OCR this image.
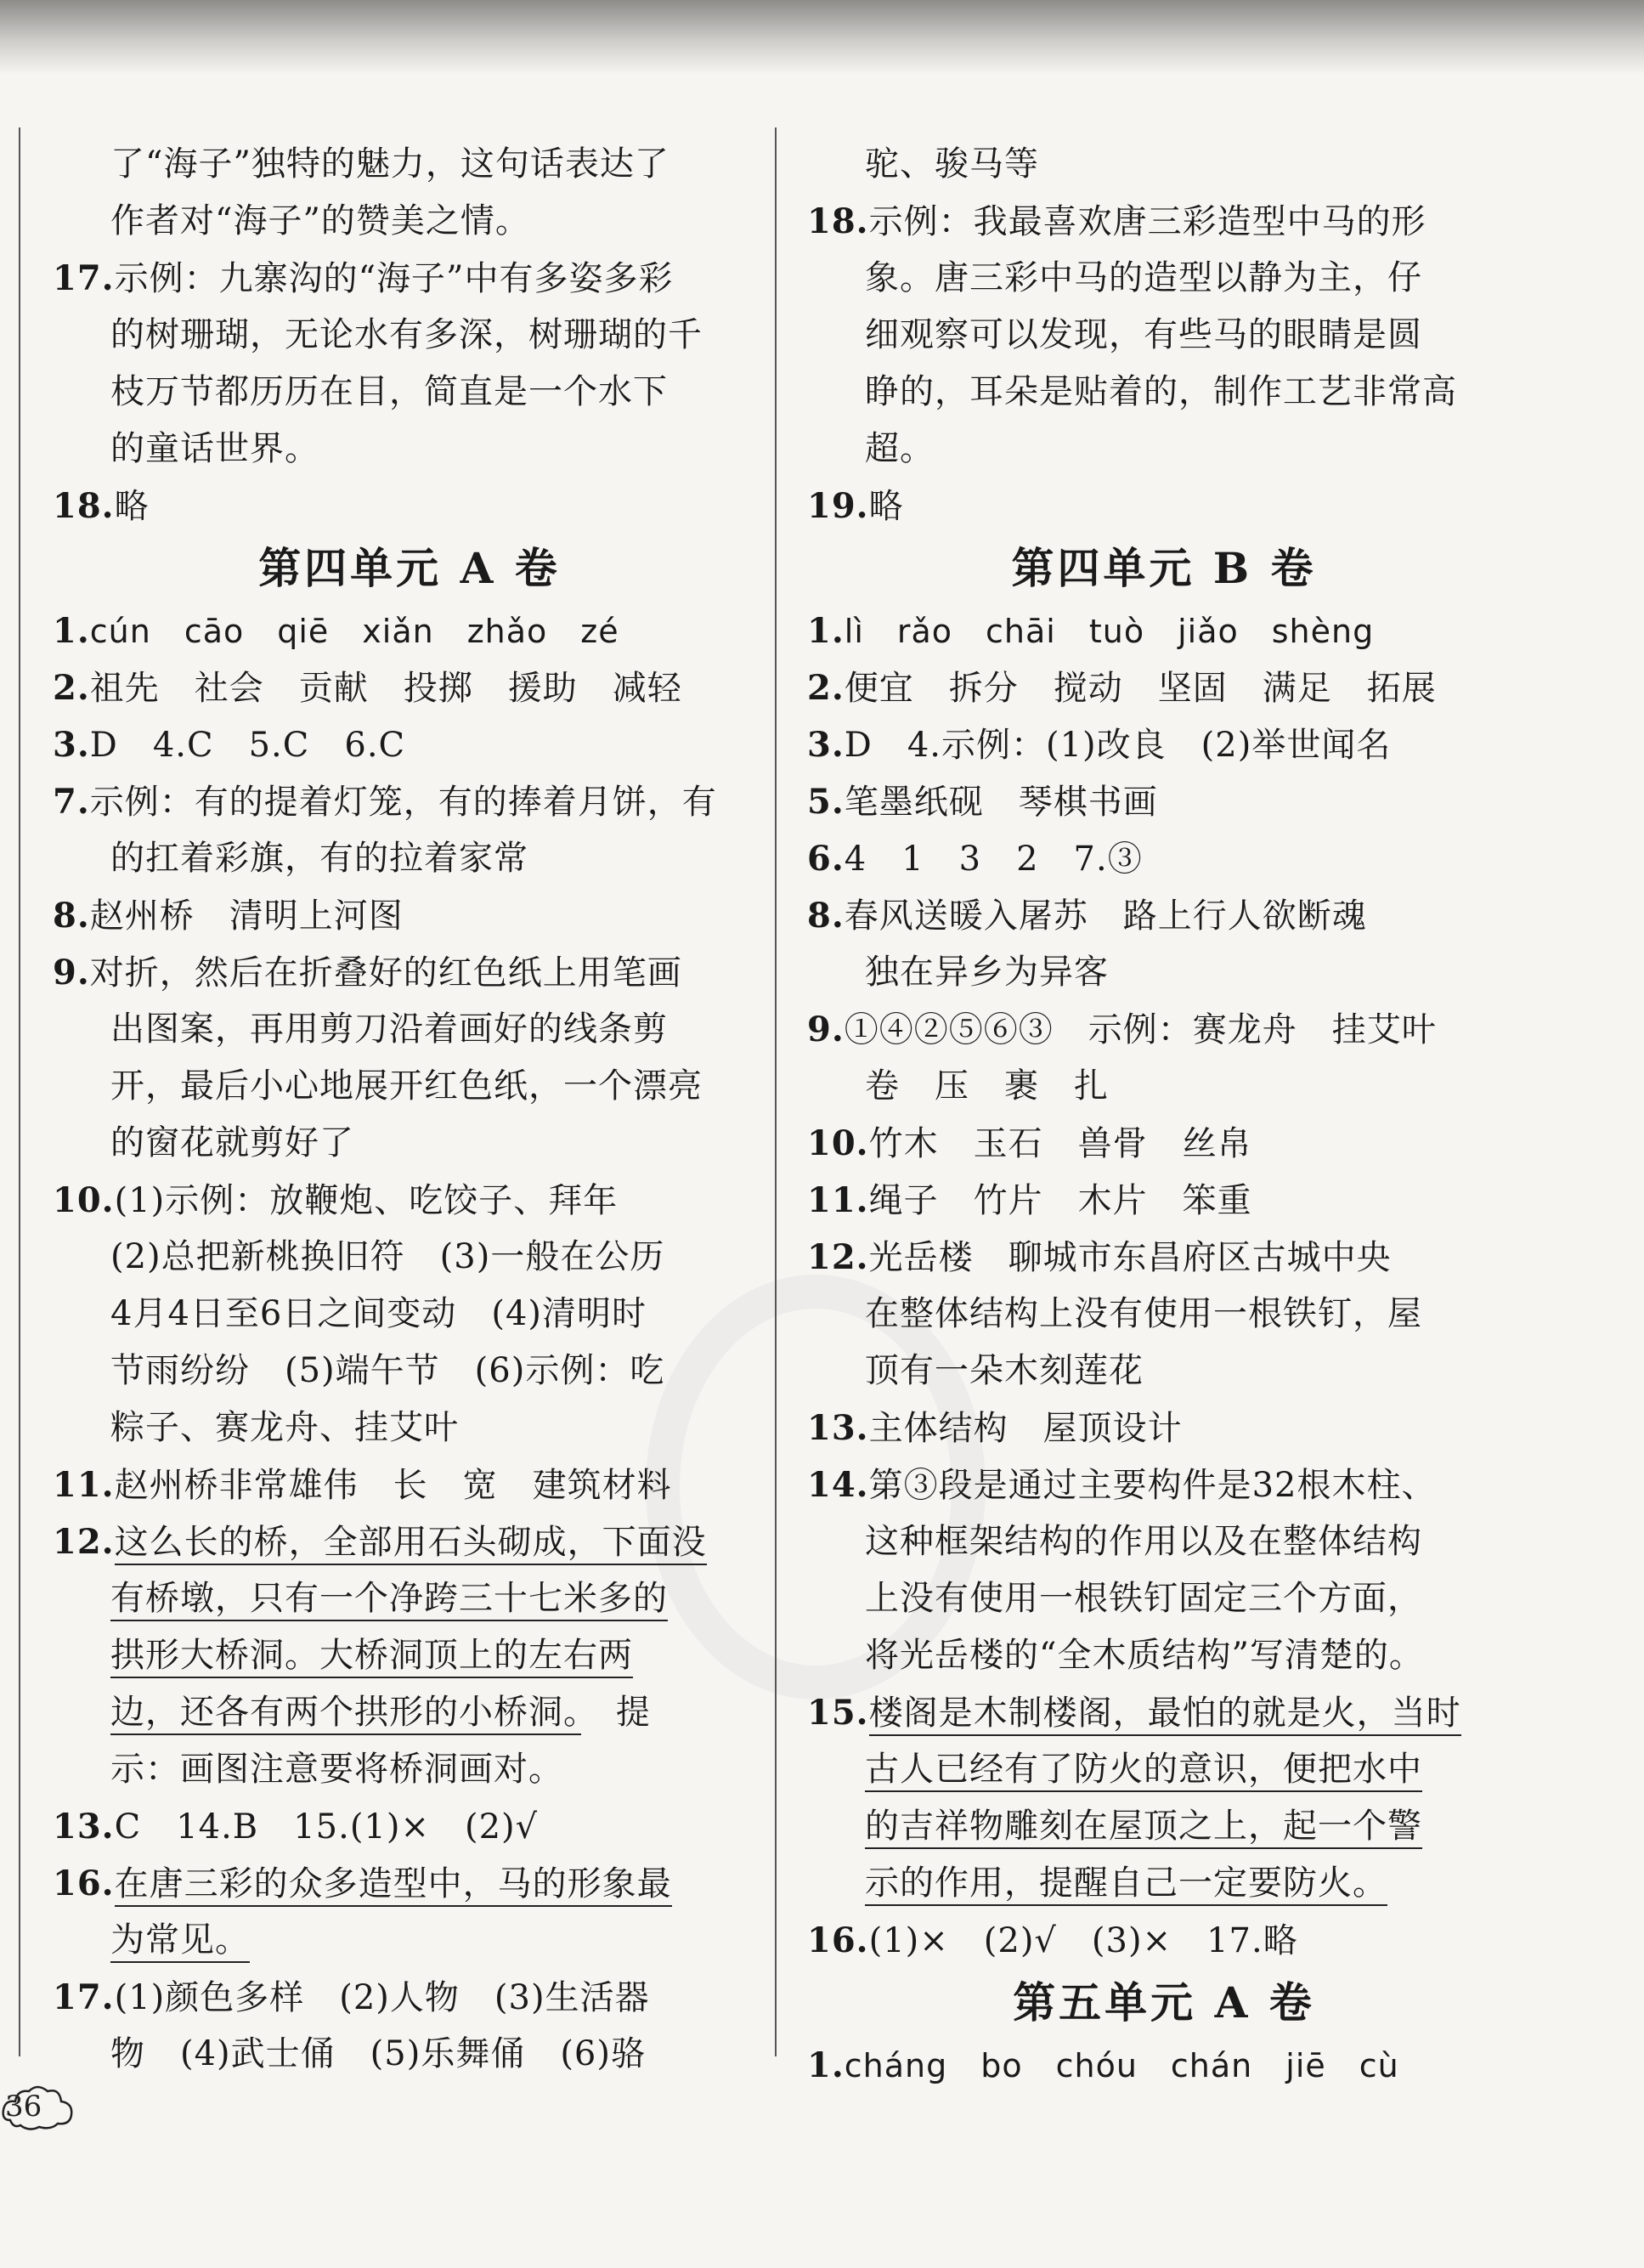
了“海子”独特的魅力，这句话表达了
作者对“海子”的赞美之情。
17.示例：九寨沟的“海子”中有多姿多彩
的树珊瑚，无论水有多深，树珊瑚的千
枝万节都历历在目，简直是一个水下
的童话世界。
18.略
第四单元 A 卷
1.cún　cāo　qiē　xiǎn　zhǎo　zé
2.祖先　社会　贡献　投掷　援助　减轻
3.D　4.C　5.C　6.C
7.示例：有的提着灯笼，有的捧着月饼，有
的扛着彩旗，有的拉着家常
8.赵州桥　清明上河图
9.对折，然后在折叠好的红色纸上用笔画
出图案，再用剪刀沿着画好的线条剪
开，最后小心地展开红色纸，一个漂亮
的窗花就剪好了
10.(1)示例：放鞭炮、吃饺子、拜年
(2)总把新桃换旧符　(3)一般在公历
4月4日至6日之间变动　(4)清明时
节雨纷纷　(5)端午节　(6)示例：吃
粽子、赛龙舟、挂艾叶
11.赵州桥非常雄伟　长　宽　建筑材料
12.这么长的桥，全部用石头砌成，下面没
有桥墩，只有一个净跨三十七米多的
拱形大桥洞。大桥洞顶上的左右两
边，还各有两个拱形的小桥洞。　提
示：画图注意要将桥洞画对。
13.C　14.B　15.(1)×　(2)√
16.在唐三彩的众多造型中，马的形象最
为常见。
17.(1)颜色多样　(2)人物　(3)生活器
物　(4)武士俑　(5)乐舞俑　(6)骆
驼、骏马等
18.示例：我最喜欢唐三彩造型中马的形
象。唐三彩中马的造型以静为主，仔
细观察可以发现，有些马的眼睛是圆
睁的，耳朵是贴着的，制作工艺非常高
超。
19.略
第四单元 B 卷
1.lì　rǎo　chāi　tuò　jiǎo　shèng
2.便宜　拆分　搅动　坚固　满足　拓展
3.D　4.示例：(1)改良　(2)举世闻名
5.笔墨纸砚　琴棋书画
6.4　1　3　2　7.③
8.春风送暖入屠苏　路上行人欲断魂
独在异乡为异客
9.①④②⑤⑥③　示例：赛龙舟　挂艾叶
卷　压　裹　扎
10.竹木　玉石　兽骨　丝帛
11.绳子　竹片　木片　笨重
12.光岳楼　聊城市东昌府区古城中央
在整体结构上没有使用一根铁钉，屋
顶有一朵木刻莲花
13.主体结构　屋顶设计
14.第③段是通过主要构件是32根木柱、
这种框架结构的作用以及在整体结构
上没有使用一根铁钉固定三个方面，
将光岳楼的“全木质结构”写清楚的。
15.楼阁是木制楼阁，最怕的就是火，当时
古人已经有了防火的意识，便把水中
的吉祥物雕刻在屋顶之上，起一个警
示的作用，提醒自己一定要防火。
16.(1)×　(2)√　(3)×　17.略
第五单元 A 卷
1.cháng　bo　chóu　chán　jiē　cù
36
